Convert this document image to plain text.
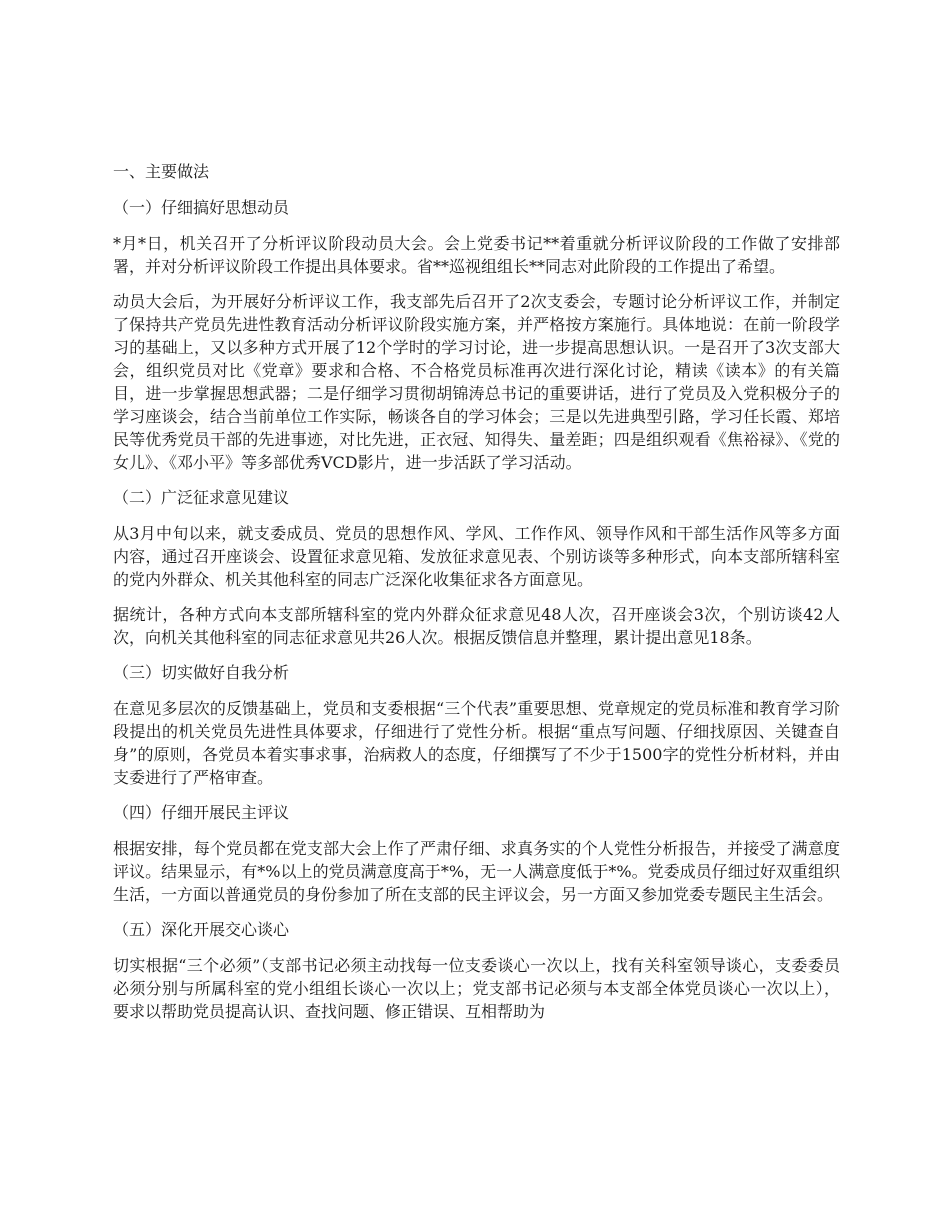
一、主要做法
（一）仔细搞好思想动员
*月*日，机关召开了分析评议阶段动员大会。会上党委书记**着重就分析评议阶段的工作做了安排部署，并对分析评议阶段工作提出具体要求。省**巡视组组长**同志对此阶段的工作提出了希望。
动员大会后，为开展好分析评议工作，我支部先后召开了2次支委会，专题讨论分析评议工作，并制定了保持共产党员先进性教育活动分析评议阶段实施方案，并严格按方案施行。具体地说：在前一阶段学习的基础上，又以多种方式开展了12个学时的学习讨论，进一步提高思想认识。一是召开了3次支部大会，组织党员对比《党章》要求和合格、不合格党员标准再次进行深化讨论，精读《读本》的有关篇目，进一步掌握思想武器；二是仔细学习贯彻胡锦涛总书记的重要讲话，进行了党员及入党积极分子的学习座谈会，结合当前单位工作实际，畅谈各自的学习体会；三是以先进典型引路，学习任长霞、郑培民等优秀党员干部的先进事迹，对比先进，正衣冠、知得失、量差距；四是组织观看《焦裕禄》、《党的女儿》、《邓小平》等多部优秀VCD影片，进一步活跃了学习活动。
（二）广泛征求意见建议
从3月中旬以来，就支委成员、党员的思想作风、学风、工作作风、领导作风和干部生活作风等多方面内容，通过召开座谈会、设置征求意见箱、发放征求意见表、个别访谈等多种形式，向本支部所辖科室的党内外群众、机关其他科室的同志广泛深化收集征求各方面意见。
据统计，各种方式向本支部所辖科室的党内外群众征求意见48人次，召开座谈会3次，个别访谈42人次，向机关其他科室的同志征求意见共26人次。根据反馈信息并整理，累计提出意见18条。
（三）切实做好自我分析
在意见多层次的反馈基础上，党员和支委根据“三个代表”重要思想、党章规定的党员标准和教育学习阶段提出的机关党员先进性具体要求，仔细进行了党性分析。根据“重点写问题、仔细找原因、关键查自身”的原则，各党员本着实事求事，治病救人的态度，仔细撰写了不少于1500字的党性分析材料，并由支委进行了严格审查。
（四）仔细开展民主评议
根据安排，每个党员都在党支部大会上作了严肃仔细、求真务实的个人党性分析报告，并接受了满意度评议。结果显示，有*%以上的党员满意度高于*%，无一人满意度低于*%。党委成员仔细过好双重组织生活，一方面以普通党员的身份参加了所在支部的民主评议会，另一方面又参加党委专题民主生活会。
（五）深化开展交心谈心
切实根据“三个必须”（支部书记必须主动找每一位支委谈心一次以上，找有关科室领导谈心，支委委员必须分别与所属科室的党小组组长谈心一次以上；党支部书记必须与本支部全体党员谈心一次以上），要求以帮助党员提高认识、查找问题、修正错误、互相帮助为
